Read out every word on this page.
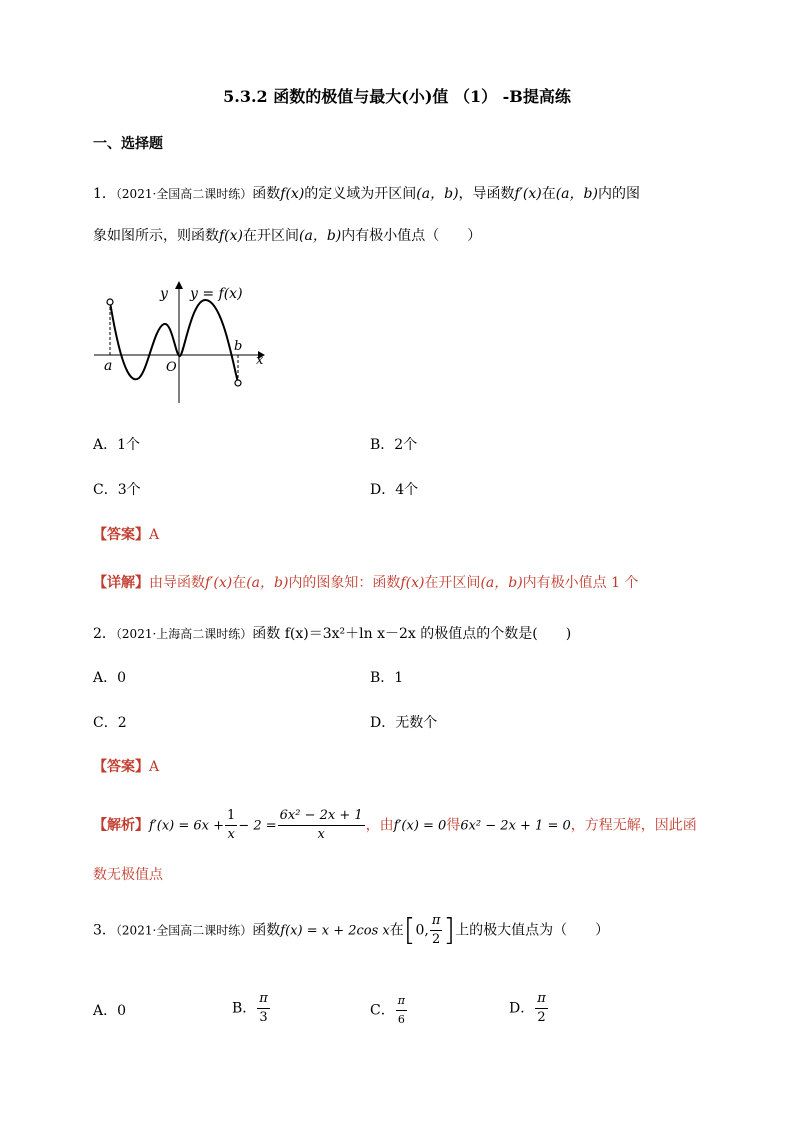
5.3.2 函数的极值与最大(小)值 （1） -B提高练
一、选择题
1．（2021·全国高二课时练）函数f(x)的定义域为开区间(a，b)，导函数f′(x)在(a，b)内的图
象如图所示，则函数f(x)在开区间(a，b)内有极小值点（　　）
y y = f(x)
x
a
b
O
A．1个	B．2个
C．3个	D．4个
【答案】A
【详解】由导函数f′(x)在(a，b)内的图象知：函数f(x)在开区间(a，b)内有极小值点 1 个
2．（2021·上海高二课时练）函数 f(x)＝3x²＋ln x－2x 的极值点的个数是(　　)
A．0	B．1
C．2	D．无数个
【答案】A
【解析】$f'(x) = 6x + \frac{1}{x} - 2 = \frac{\text{6x² − 2x + 1}}{x}$ ，由f′(x) = 0得6x² − 2x + 1 = 0，方程无解，因此函
数无极值点
3．（2021·全国高二课时练）函数f(x) = x + 2cos x在[0, $\frac{\pi}{2}$ ]上的极大值点为（　　）
A．0	B． $\frac{\pi}{3}$	C． $\frac{\pi}{6}$	D． $\frac{\pi}{2}$
